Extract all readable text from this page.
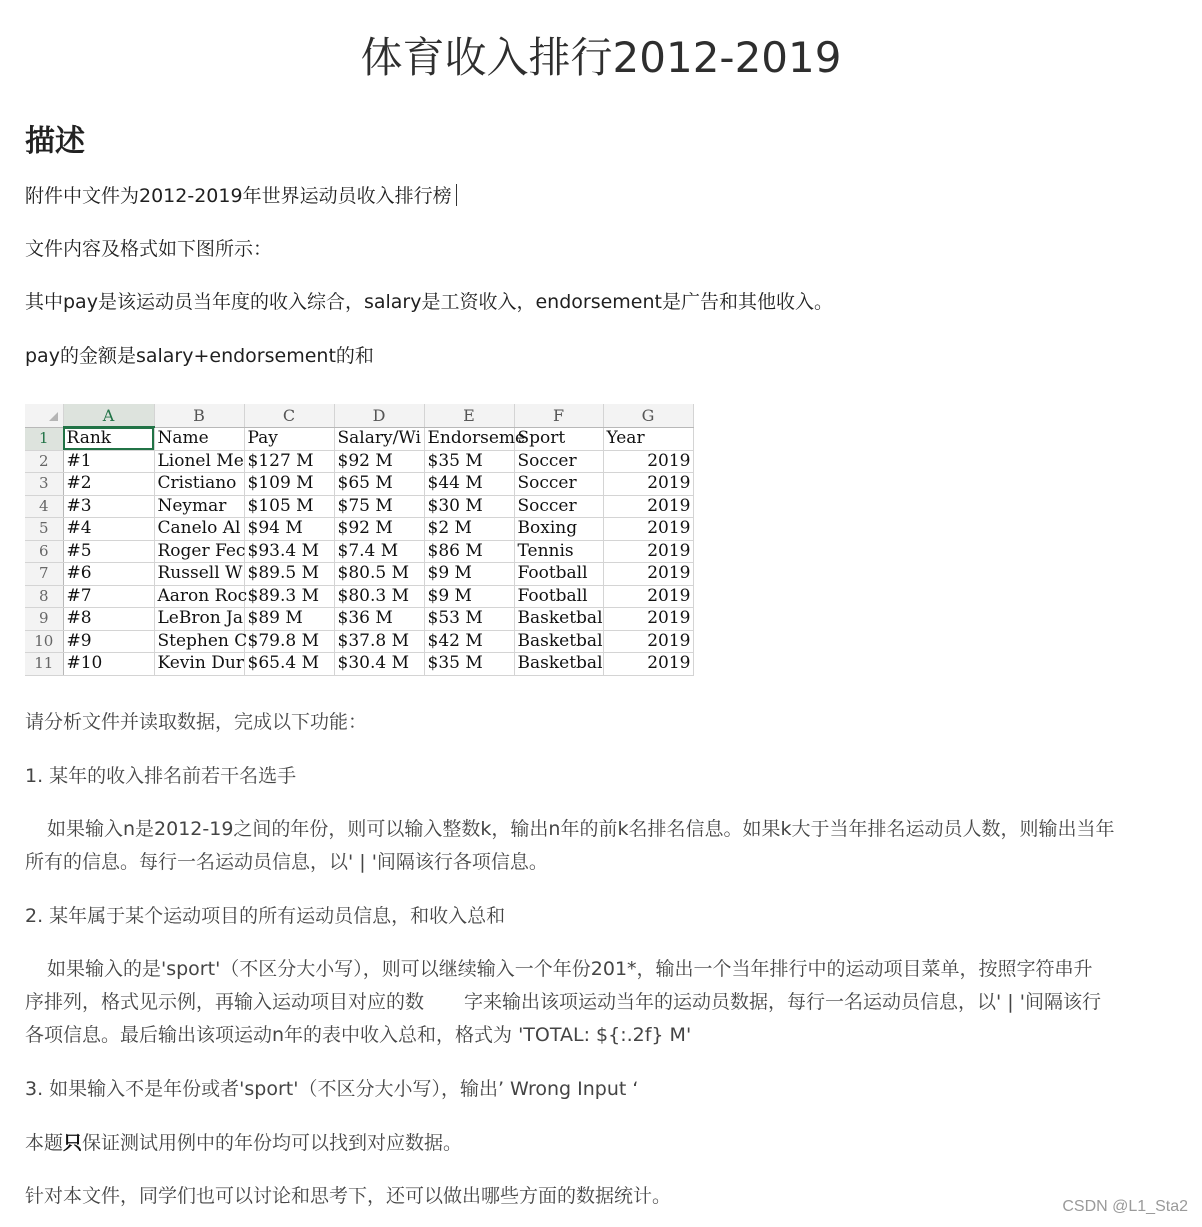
体育收入排行2012-2019
描述

附件中文件为2012-2019年世界运动员收入排行榜

文件内容及格式如下图所示：

其中pay是该运动员当年度的收入综合，salary是工资收入，endorsement是广告和其他收入。

pay的金额是salary+endorsement的和

	A	B	C	D	E	F	G
1	Rank	Name	Pay	Salary/Wi	Endorseme	Sport	Year
2	#1	Lionel Me	$127 M	$92 M	$35 M	Soccer	2019
3	#2	Cristiano	$109 M	$65 M	$44 M	Soccer	2019
4	#3	Neymar	$105 M	$75 M	$30 M	Soccer	2019
5	#4	Canelo Al	$94 M	$92 M	$2 M	Boxing	2019
6	#5	Roger Fec	$93.4 M	$7.4 M	$86 M	Tennis	2019
7	#6	Russell W	$89.5 M	$80.5 M	$9 M	Football	2019
8	#7	Aaron Roc	$89.3 M	$80.3 M	$9 M	Football	2019
9	#8	LeBron Ja	$89 M	$36 M	$53 M	Basketbal	2019
10	#9	Stephen C	$79.8 M	$37.8 M	$42 M	Basketbal	2019
11	#10	Kevin Dur	$65.4 M	$30.4 M	$35 M	Basketbal	2019

请分析文件并读取数据，完成以下功能：

1. 某年的收入排名前若干名选手

如果输入n是2012-19之间的年份，则可以输入整数k，输出n年的前k名排名信息。如果k大于当年排名运动员人数，则输出当年

所有的信息。每行一名运动员信息，以' | '间隔该行各项信息。

2. 某年属于某个运动项目的所有运动员信息，和收入总和

如果输入的是'sport'（不区分大小写），则可以继续输入一个年份201*，输出一个当年排行中的运动项目菜单，按照字符串升

序排列，格式见示例，再输入运动项目对应的数 字来输出该项运动当年的运动员数据，每行一名运动员信息，以' | '间隔该行

各项信息。最后输出该项运动n年的表中收入总和，格式为 'TOTAL: ${:.2f} M'

3. 如果输入不是年份或者'sport'（不区分大小写），输出’ Wrong Input ‘

本题只保证测试用例中的年份均可以找到对应数据。

针对本文件，同学们也可以讨论和思考下，还可以做出哪些方面的数据统计。	CSDN @L1_Sta2
